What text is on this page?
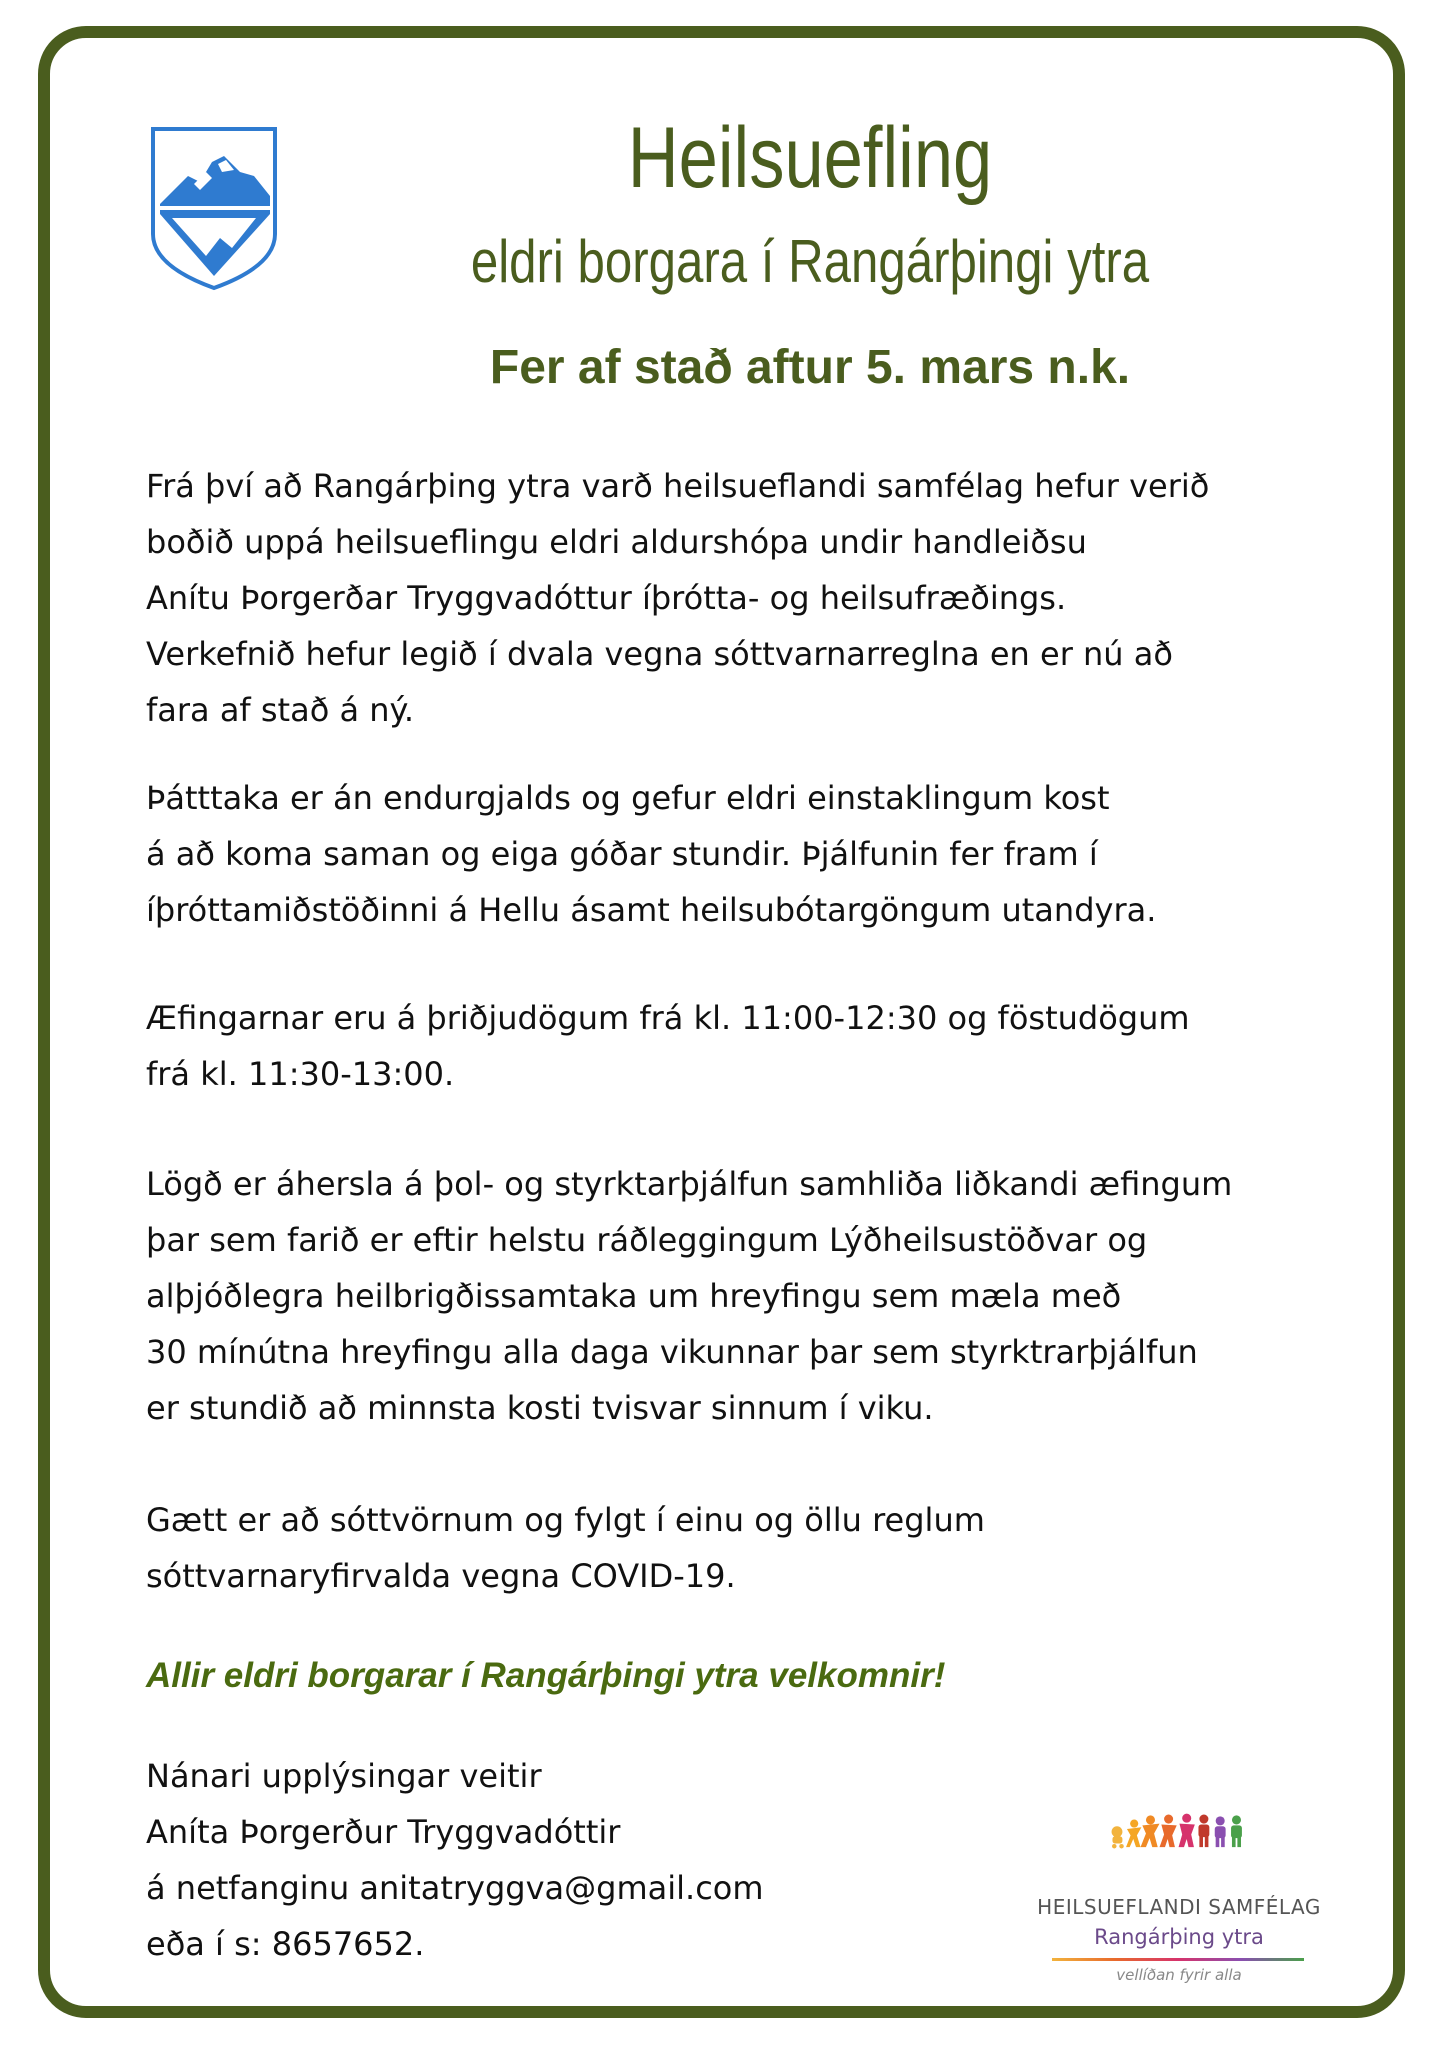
Heilsuefling
eldri borgara í Rangárþingi ytra

Fer af stað aftur 5. mars n.k.

Frá því að Rangárþing ytra varð heilsueflandi samfélag hefur verið
boðið uppá heilsueflingu eldri aldurshópa undir handleiðsu
Anítu Þorgerðar Tryggvadóttur íþrótta- og heilsufræðings.
Verkefnið hefur legið í dvala vegna sóttvarnarreglna en er nú að
fara af stað á ný.

Þátttaka er án endurgjalds og gefur eldri einstaklingum kost
á að koma saman og eiga góðar stundir. Þjálfunin fer fram í
íþróttamiðstöðinni á Hellu ásamt heilsubótargöngum utandyra.

Æfingarnar eru á þriðjudögum frá kl. 11:00-12:30 og föstudögum
frá kl. 11:30-13:00.

Lögð er áhersla á þol- og styrktarþjálfun samhliða liðkandi æfingum
þar sem farið er eftir helstu ráðleggingum Lýðheilsustöðvar og
alþjóðlegra heilbrigðissamtaka um hreyfingu sem mæla með
30 mínútna hreyfingu alla daga vikunnar þar sem styrktrarþjálfun
er stundið að minnsta kosti tvisvar sinnum í viku.

Gætt er að sóttvörnum og fylgt í einu og öllu reglum
sóttvarnaryfirvalda vegna COVID-19.

Allir eldri borgarar í Rangárþingi ytra velkomnir!

Nánari upplýsingar veitir
Aníta Þorgerður Tryggvadóttir
á netfanginu anitatryggva@gmail.com
eða í s: 8657652.

HEILSUEFLANDI SAMFÉLAG

Rangárþing ytra

vellíðan fyrir alla
